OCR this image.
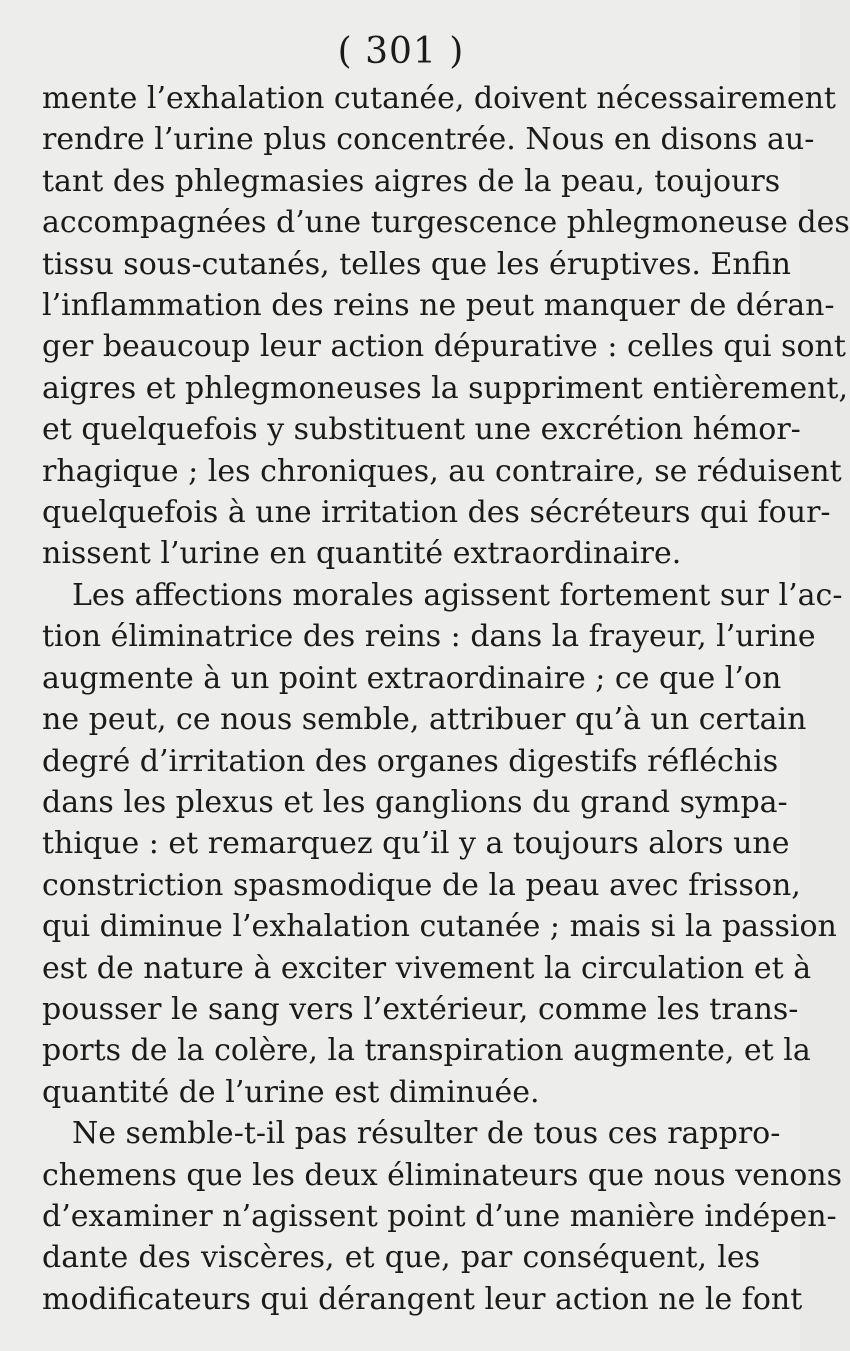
( 301 )
mente l’exhalation cutanée, doivent nécessairement
rendre l’urine plus concentrée. Nous en disons au-
tant des phlegmasies aigres de la peau, toujours
accompagnées d’une turgescence phlegmoneuse des
tissu sous-cutanés, telles que les éruptives. Enfin
l’inflammation des reins ne peut manquer de déran-
ger beaucoup leur action dépurative : celles qui sont
aigres et phlegmoneuses la suppriment entièrement,
et quelquefois y substituent une excrétion hémor-
rhagique ; les chroniques, au contraire, se réduisent
quelquefois à une irritation des sécréteurs qui four-
nissent l’urine en quantité extraordinaire.
Les affections morales agissent fortement sur l’ac-
tion éliminatrice des reins : dans la frayeur, l’urine
augmente à un point extraordinaire ; ce que l’on
ne peut, ce nous semble, attribuer qu’à un certain
degré d’irritation des organes digestifs réfléchis
dans les plexus et les ganglions du grand sympa-
thique : et remarquez qu’il y a toujours alors une
constriction spasmodique de la peau avec frisson,
qui diminue l’exhalation cutanée ; mais si la passion
est de nature à exciter vivement la circulation et à
pousser le sang vers l’extérieur, comme les trans-
ports de la colère, la transpiration augmente, et la
quantité de l’urine est diminuée.
Ne semble-t-il pas résulter de tous ces rappro-
chemens que les deux éliminateurs que nous venons
d’examiner n’agissent point d’une manière indépen-
dante des viscères, et que, par conséquent, les
modificateurs qui dérangent leur action ne le font
